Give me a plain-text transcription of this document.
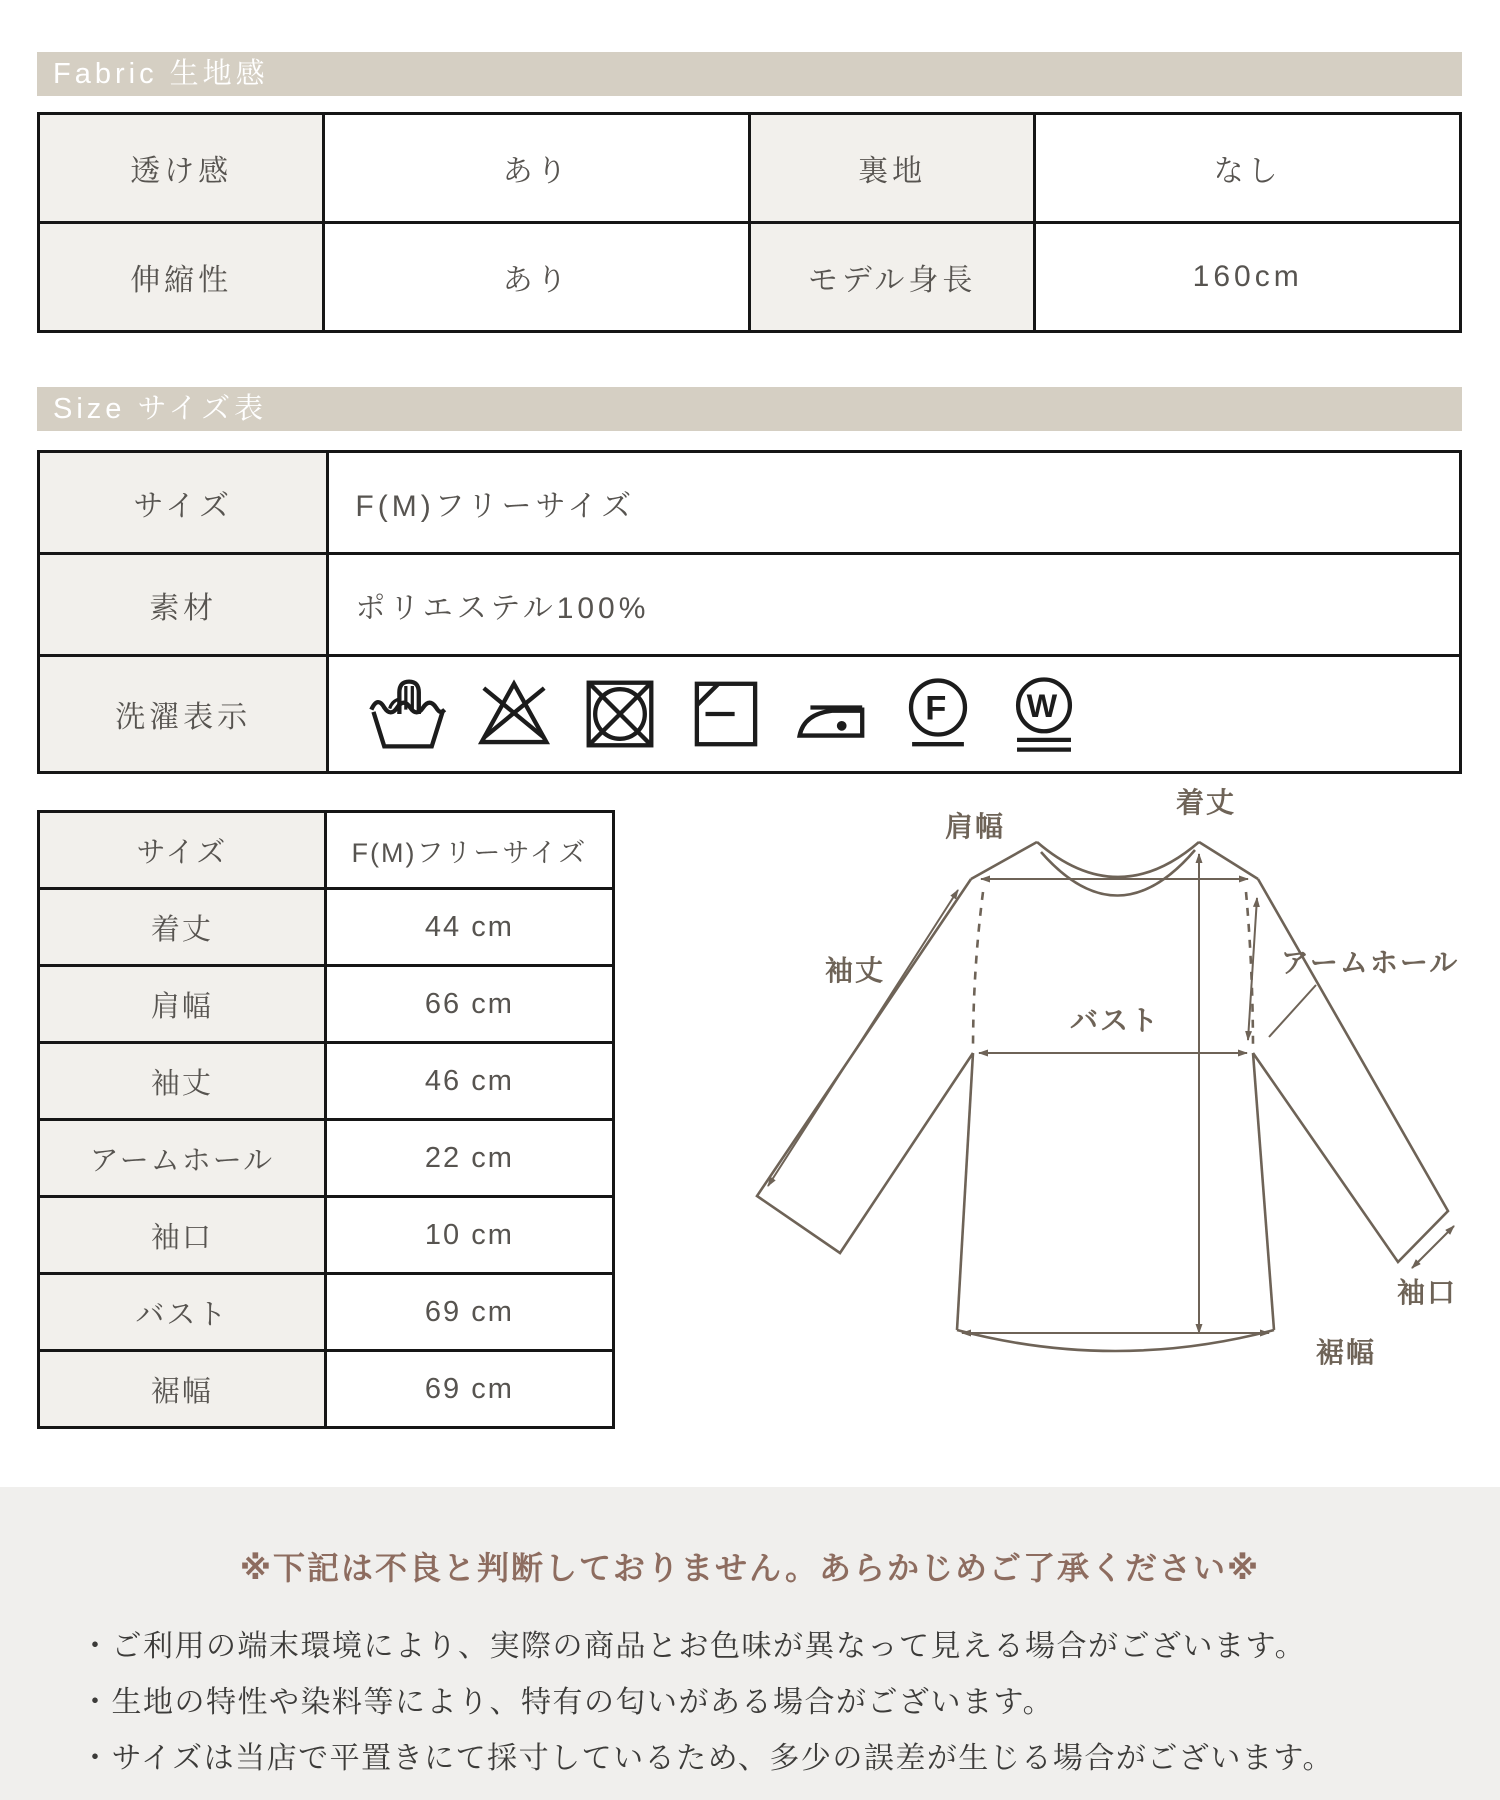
Fabric 生地感
透け感	あり	裏地	なし
伸縮性	あり	モデル身長	160cm
Size サイズ表
サイズ	F(M)フリーサイズ
素材	ポリエステル100%
洗濯表示	F W
サイズ	F(M)フリーサイズ
着丈	44 cm
肩幅	66 cm
袖丈	46 cm
アームホール	22 cm
袖口	10 cm
バスト	69 cm
裾幅	69 cm
肩幅
着丈
袖丈	アームホール
バスト
袖口
裾幅
※下記は不良と判断しておりません。あらかじめご了承ください※
・ご利用の端末環境により、実際の商品とお色味が異なって見える場合がございます。
・生地の特性や染料等により、特有の匂いがある場合がございます。
・サイズは当店で平置きにて採寸しているため、多少の誤差が生じる場合がございます。
